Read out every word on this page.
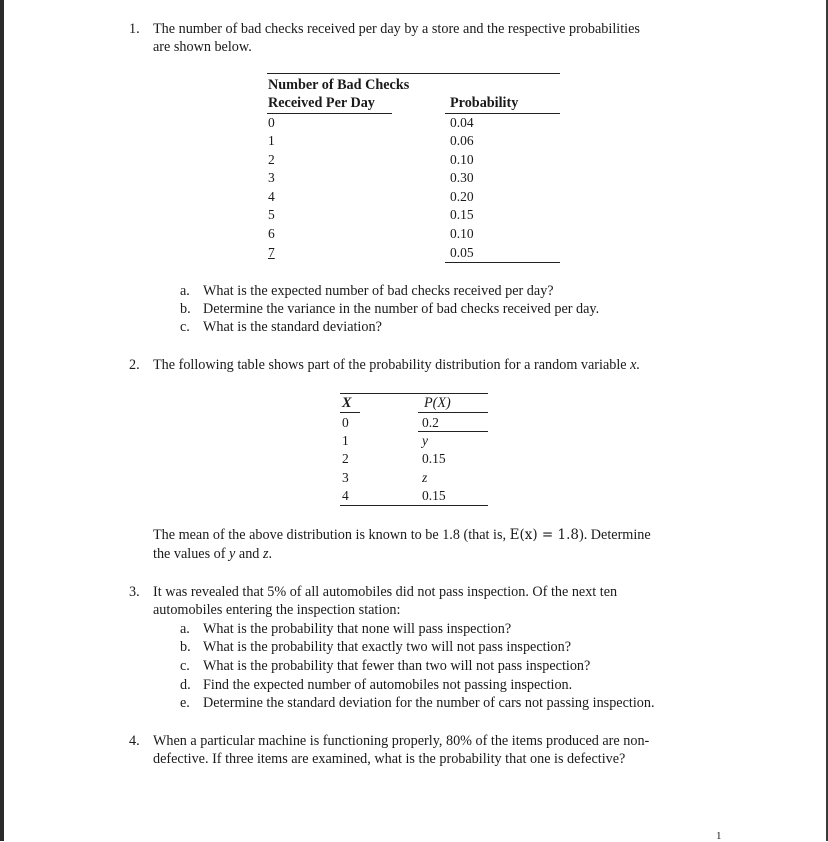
1. The number of bad checks received per day by a store and the respective probabilities
are shown below.
Number of Bad Checks
Received Per Day	Probability
0	0.04
1	0.06
2	0.10
3	0.30
4	0.20
5	0.15
6	0.10
7	0.05
a. What is the expected number of bad checks received per day?
b. Determine the variance in the number of bad checks received per day.
c. What is the standard deviation?
2. The following table shows part of the probability distribution for a random variable x.
X	P(X)
0	0.2
1	y
2	0.15
3	z
4	0.15
The mean of the above distribution is known to be 1.8 (that is, E(x) = 1.8). Determine
the values of y and z.
3. It was revealed that 5% of all automobiles did not pass inspection. Of the next ten
automobiles entering the inspection station:
a. What is the probability that none will pass inspection?
b. What is the probability that exactly two will not pass inspection?
c. What is the probability that fewer than two will not pass inspection?
d. Find the expected number of automobiles not passing inspection.
e. Determine the standard deviation for the number of cars not passing inspection.
4. When a particular machine is functioning properly, 80% of the items produced are non-
defective. If three items are examined, what is the probability that one is defective?
1
